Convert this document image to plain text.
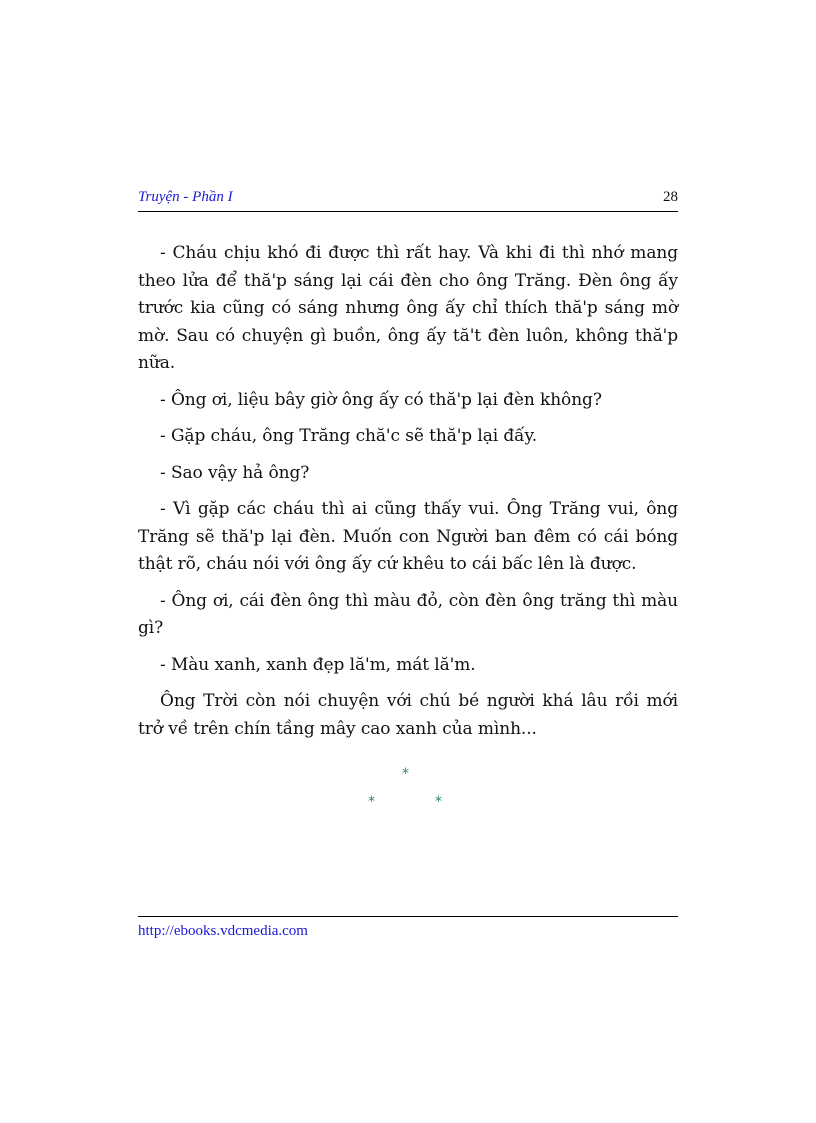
Truyện - Phần I	28

- Cháu chịu khó đi được thì rất hay. Và khi đi thì nhớ mang theo lửa để thă'p sáng lại cái đèn cho ông Trăng. Đèn ông ấy trước kia cũng có sáng nhưng ông ấy chỉ thích thă'p sáng mờ mờ. Sau có chuyện gì buồn, ông ấy tă't đèn luôn, không thă'p nữa.

- Ông ơi, liệu bây giờ ông ấy có thă'p lại đèn không?

- Gặp cháu, ông Trăng chă'c sẽ thă'p lại đấy.

- Sao vậy hả ông?

- Vì gặp các cháu thì ai cũng thấy vui. Ông Trăng vui, ông Trăng sẽ thă'p lại đèn. Muốn con Người ban đêm có cái bóng thật rõ, cháu nói với ông ấy cứ khêu to cái bấc lên là được.

- Ông ơi, cái đèn ông thì màu đỏ, còn đèn ông trăng thì màu gì?

- Màu xanh, xanh đẹp lă'm, mát lă'm.

Ông Trời còn nói chuyện với chú bé người khá lâu rồi mới trở về trên chín tầng mây cao xanh của mình...

*
*	*
http://ebooks.vdcmedia.com
